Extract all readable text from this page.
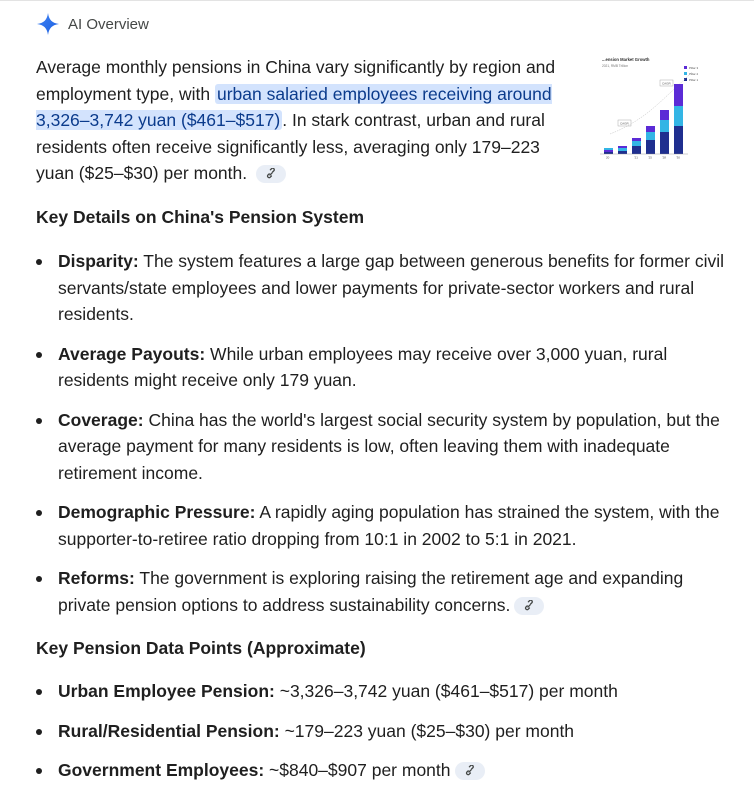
AI Overview
Average monthly pensions in China vary significantly by region and employment type, with urban salaried employees receiving around 3,326–3,742 yuan ($461–$517) . In stark contrast, urban and rural residents often receive significantly less, averaging only 179–223 yuan ($25–$30) per month.
...ension Market Growth
2021, RMB Trillion	Pillar 3
Pillar 2
Pillar 1
CAGR
CAGR
20	'21	'25	'28	'30
Key Details on China's Pension System
Disparity: The system features a large gap between generous benefits for former civil servants/state employees and lower payments for private-sector workers and rural residents.
Average Payouts: While urban employees may receive over 3,000 yuan, rural residents might receive only 179 yuan.
Coverage: China has the world's largest social security system by population, but the average payment for many residents is low, often leaving them with inadequate retirement income.
Demographic Pressure: A rapidly aging population has strained the system, with the supporter-to-retiree ratio dropping from 10:1 in 2002 to 5:1 in 2021.
Reforms: The government is exploring raising the retirement age and expanding private pension options to address sustainability concerns.
Key Pension Data Points (Approximate)
Urban Employee Pension: ~3,326–3,742 yuan ($461–$517) per month
Rural/Residential Pension: ~179–223 yuan ($25–$30) per month
Government Employees: ~$840–$907 per month
